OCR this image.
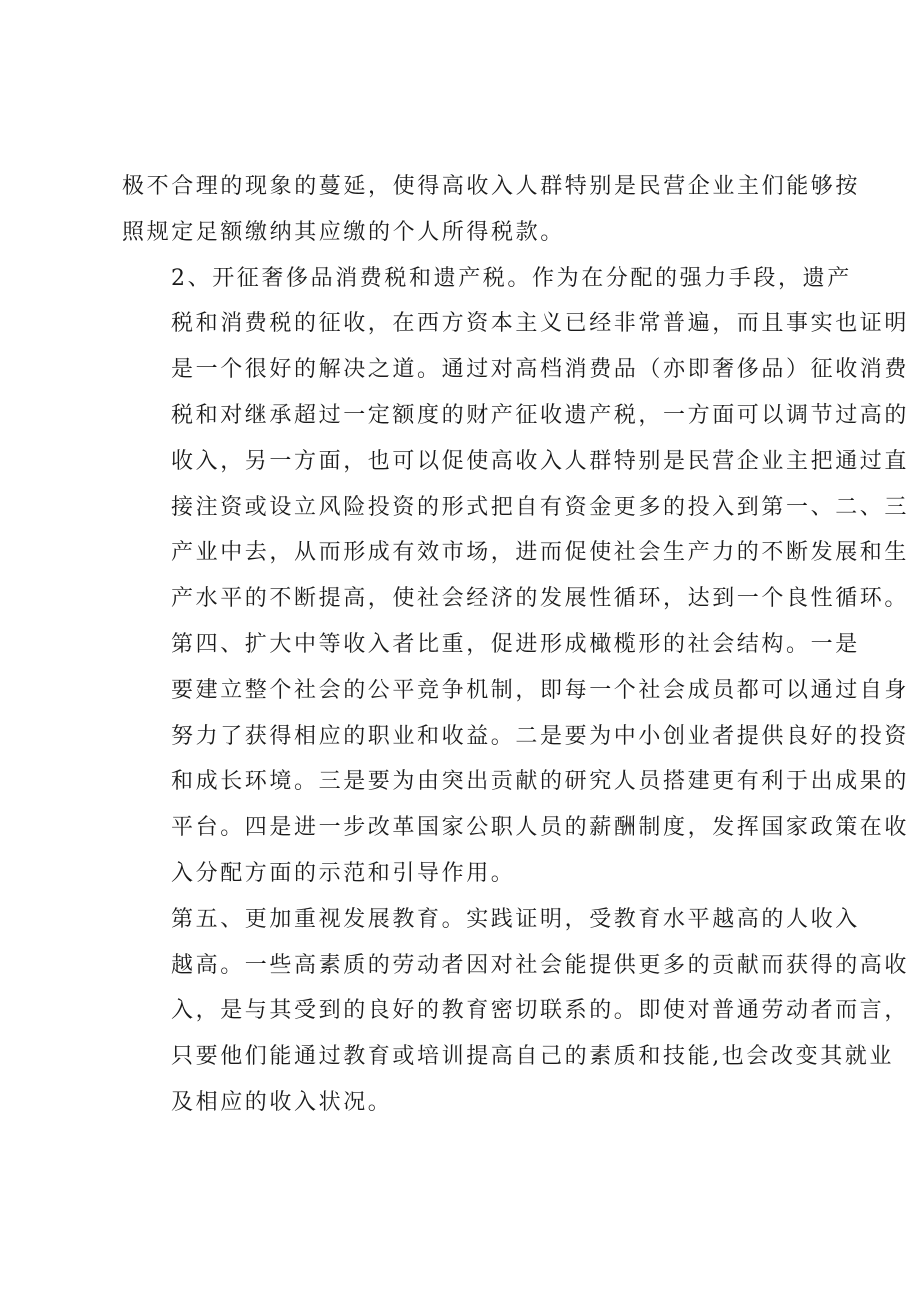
极不合理的现象的蔓延，使得高收入人群特别是民营企业主们能够按
照规定足额缴纳其应缴的个人所得税款。

2、开征奢侈品消费税和遗产税。作为在分配的强力手段，遗产
税和消费税的征收，在西方资本主义已经非常普遍，而且事实也证明
是一个很好的解决之道。通过对高档消费品（亦即奢侈品）征收消费
税和对继承超过一定额度的财产征收遗产税，一方面可以调节过高的
收入，另一方面，也可以促使高收入人群特别是民营企业主把通过直
接注资或设立风险投资的形式把自有资金更多的投入到第一、二、三
产业中去，从而形成有效市场，进而促使社会生产力的不断发展和生
产水平的不断提高，使社会经济的发展性循环，达到一个良性循环。

第四、扩大中等收入者比重，促进形成橄榄形的社会结构。一是
要建立整个社会的公平竞争机制，即每一个社会成员都可以通过自身
努力了获得相应的职业和收益。二是要为中小创业者提供良好的投资
和成长环境。三是要为由突出贡献的研究人员搭建更有利于出成果的
平台。四是进一步改革国家公职人员的薪酬制度，发挥国家政策在收
入分配方面的示范和引导作用。

第五、更加重视发展教育。实践证明，受教育水平越高的人收入
越高。一些高素质的劳动者因对社会能提供更多的贡献而获得的高收
入，是与其受到的良好的教育密切联系的。即使对普通劳动者而言，
只要他们能通过教育或培训提高自己的素质和技能,也会改变其就业
及相应的收入状况。
